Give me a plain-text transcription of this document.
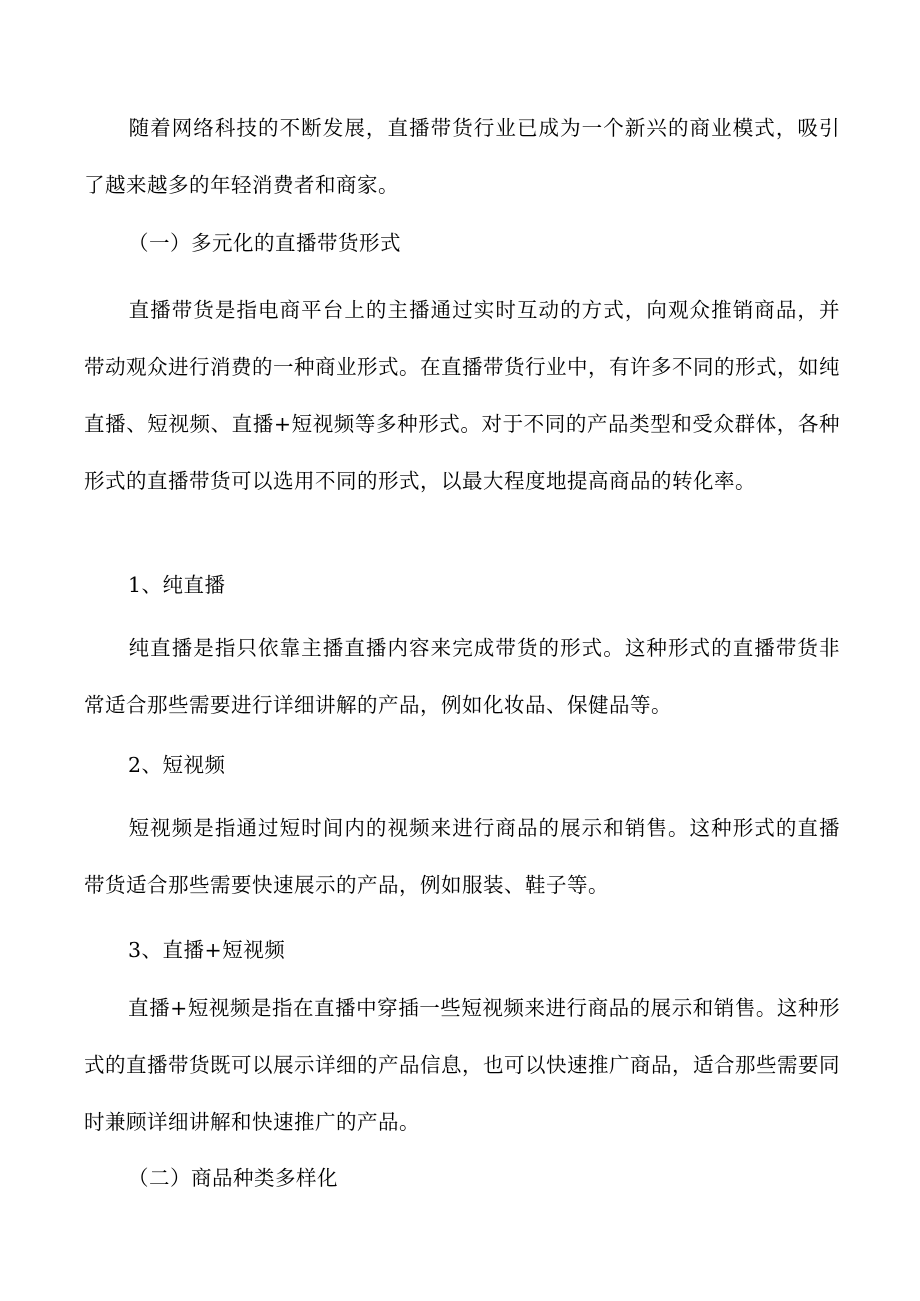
随着网络科技的不断发展，直播带货行业已成为一个新兴的商业模式，吸引了越来越多的年轻消费者和商家。

（一）多元化的直播带货形式

直播带货是指电商平台上的主播通过实时互动的方式，向观众推销商品，并带动观众进行消费的一种商业形式。在直播带货行业中，有许多不同的形式，如纯直播、短视频、直播+短视频等多种形式。对于不同的产品类型和受众群体，各种形式的直播带货可以选用不同的形式，以最大程度地提高商品的转化率。

1、纯直播

纯直播是指只依靠主播直播内容来完成带货的形式。这种形式的直播带货非常适合那些需要进行详细讲解的产品，例如化妆品、保健品等。

2、短视频

短视频是指通过短时间内的视频来进行商品的展示和销售。这种形式的直播带货适合那些需要快速展示的产品，例如服装、鞋子等。

3、直播+短视频

直播+短视频是指在直播中穿插一些短视频来进行商品的展示和销售。这种形式的直播带货既可以展示详细的产品信息，也可以快速推广商品，适合那些需要同时兼顾详细讲解和快速推广的产品。

（二）商品种类多样化
